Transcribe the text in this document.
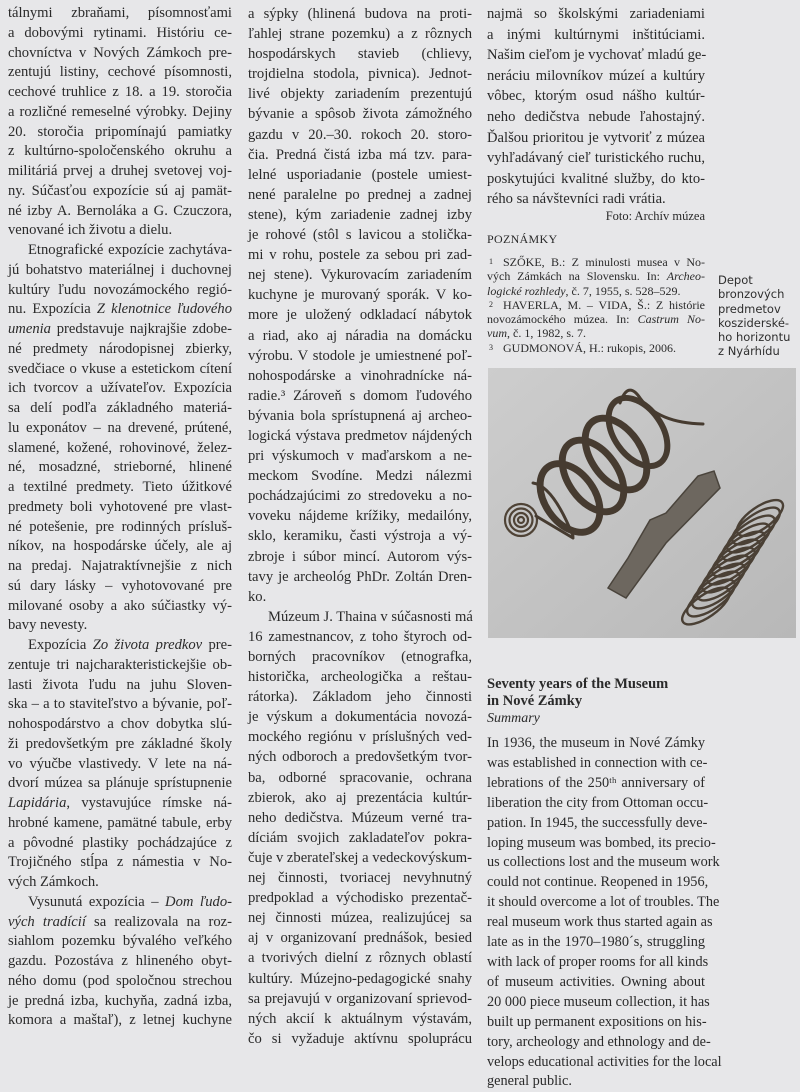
tálnymi zbraňami, písomnosťami
a dobovými rytinami. Históriu ce-
chovníctva v Nových Zámkoch pre-
zentujú listiny, cechové písomnosti,
cechové truhlice z 18. a 19. storočia
a rozličné remeselné výrobky. Dejiny
20. storočia pripomínajú pamiatky
z kultúrno-spoločenského okruhu a
militáriá prvej a druhej svetovej voj-
ny. Súčasťou expozície sú aj pamät-
né izby A. Bernoláka a G. Czuczora,
venované ich životu a dielu.
Etnografické expozície zachytáva-
jú bohatstvo materiálnej i duchovnej
kultúry ľudu novozámockého regió-
nu. Expozícia Z klenotnice ľudového
umenia predstavuje najkrajšie zdobe-
né predmety národopisnej zbierky,
svedčiace o vkuse a estetickom cítení
ich tvorcov a užívateľov. Expozícia
sa delí podľa základného materiá-
lu exponátov – na drevené, prútené,
slamené, kožené, rohovinové, želez-
né, mosadzné, strieborné, hlinené
a textilné predmety. Tieto úžitkové
predmety boli vyhotovené pre vlast-
né potešenie, pre rodinných prísluš-
níkov, na hospodárske účely, ale aj
na predaj. Najatraktívnejšie z nich
sú dary lásky – vyhotovované pre
milované osoby a ako súčiastky vý-
bavy nevesty.
Expozícia Zo života predkov pre-
zentuje tri najcharakteristickejšie ob-
lasti života ľudu na juhu Sloven-
ska – a to staviteľstvo a bývanie, poľ-
nohospodárstvo a chov dobytka slú-
ži predovšetkým pre základné školy
vo výučbe vlastivedy. V lete na ná-
dvorí múzea sa plánuje sprístupnenie
Lapidária, vystavujúce rímske ná-
hrobné kamene, pamätné tabule, erby
a pôvodné plastiky pochádzajúce z
Trojičného stĺpa z námestia v No-
vých Zámkoch.
Vysunutá expozícia – Dom ľudo-
vých tradícií sa realizovala na roz-
siahlom pozemku bývalého veľkého
gazdu. Pozostáva z hlineného obyt-
ného domu (pod spoločnou strechou
je predná izba, kuchyňa, zadná izba,
komora a maštaľ), z letnej kuchyne
a sýpky (hlinená budova na proti-
ľahlej strane pozemku) a z rôznych
hospodárskych stavieb (chlievy,
trojdielna stodola, pivnica). Jednot-
livé objekty zariadením prezentujú
bývanie a spôsob života zámožného
gazdu v 20.–30. rokoch 20. storo-
čia. Predná čistá izba má tzv. para-
lelné usporiadanie (postele umiest-
nené paralelne po prednej a zadnej
stene), kým zariadenie zadnej izby
je rohové (stôl s lavicou a stolička-
mi v rohu, postele za sebou pri zad-
nej stene). Vykurovacím zariadením
kuchyne je murovaný sporák. V ko-
more je uložený odkladací nábytok
a riad, ako aj náradia na domácku
výrobu. V stodole je umiestnené poľ-
nohospodárske a vinohradnícke ná-
radie.³ Zároveň s domom ľudového
bývania bola sprístupnená aj archeo-
logická výstava predmetov nájdených
pri výskumoch v maďarskom a ne-
meckom Svodíne. Medzi nálezmi
pochádzajúcimi zo stredoveku a no-
voveku nájdeme krížiky, medailóny,
sklo, keramiku, časti výstroja a vý-
zbroje i súbor mincí. Autorom výs-
tavy je archeológ PhDr. Zoltán Dren-
ko.
Múzeum J. Thaina v súčasnosti má
16 zamestnancov, z toho štyroch od-
borných pracovníkov (etnografka,
historička, archeologička a reštau-
rátorka). Základom jeho činnosti
je výskum a dokumentácia novozá-
mockého regiónu v príslušných ved-
ných odboroch a predovšetkým tvor-
ba, odborné spracovanie, ochrana
zbierok, ako aj prezentácia kultúr-
neho dedičstva. Múzeum verné tra-
díciám svojich zakladateľov pokra-
čuje v zberateľskej a vedeckovýskum-
nej činnosti, tvoriacej nevyhnutný
predpoklad a východisko prezentač-
nej činnosti múzea, realizujúcej sa
aj v organizovaní prednášok, besied
a tvorivých dielní z rôznych oblastí
kultúry. Múzejno-pedagogické snahy
sa prejavujú v organizovaní sprievod-
ných akcií k aktuálnym výstavám,
čo si vyžaduje aktívnu spoluprácu
najmä so školskými zariadeniami
a inými kultúrnymi inštitúciami.
Našim cieľom je vychovať mladú ge-
neráciu milovníkov múzeí a kultúry
vôbec, ktorým osud nášho kultúr-
neho dedičstva nebude ľahostajný.
Ďalšou prioritou je vytvoriť z múzea
vyhľadávaný cieľ turistického ruchu,
poskytujúci kvalitné služby, do kto-
rého sa návštevníci radi vrátia.
Foto: Archív múzea
POZNÁMKY
1 SZŐKE, B.: Z minulosti musea v No-
vých Zámkách na Slovensku. In: Archeo-
logické rozhledy, č. 7, 1955, s. 528–529.
2 HAVERLA, M. – VIDA, Š.: Z histórie
novozámockého múzea. In: Castrum No-
vum, č. 1, 1982, s. 7.
3 GUDMONOVÁ, H.: rukopis, 2006.
Depot
bronzových
predmetov
kosziderské-
ho horizontu
z Nyárhídu
Seventy years of the Museum
in Nové Zámky
Summary
In 1936, the museum in Nové Zámky
was established in connection with ce-
lebrations of the 250ᵗʰ anniversary of
liberation the city from Ottoman occu-
pation. In 1945, the successfully deve-
loping museum was bombed, its precio-
us collections lost and the museum work
could not continue. Reopened in 1956,
it should overcome a lot of troubles. The
real museum work thus started again as
late as in the 1970–1980´s, struggling
with lack of proper rooms for all kinds
of museum activities. Owning about
20 000 piece museum collection, it has
built up permanent expositions on his-
tory, archeology and ethnology and de-
velops educational activities for the local
general public.
